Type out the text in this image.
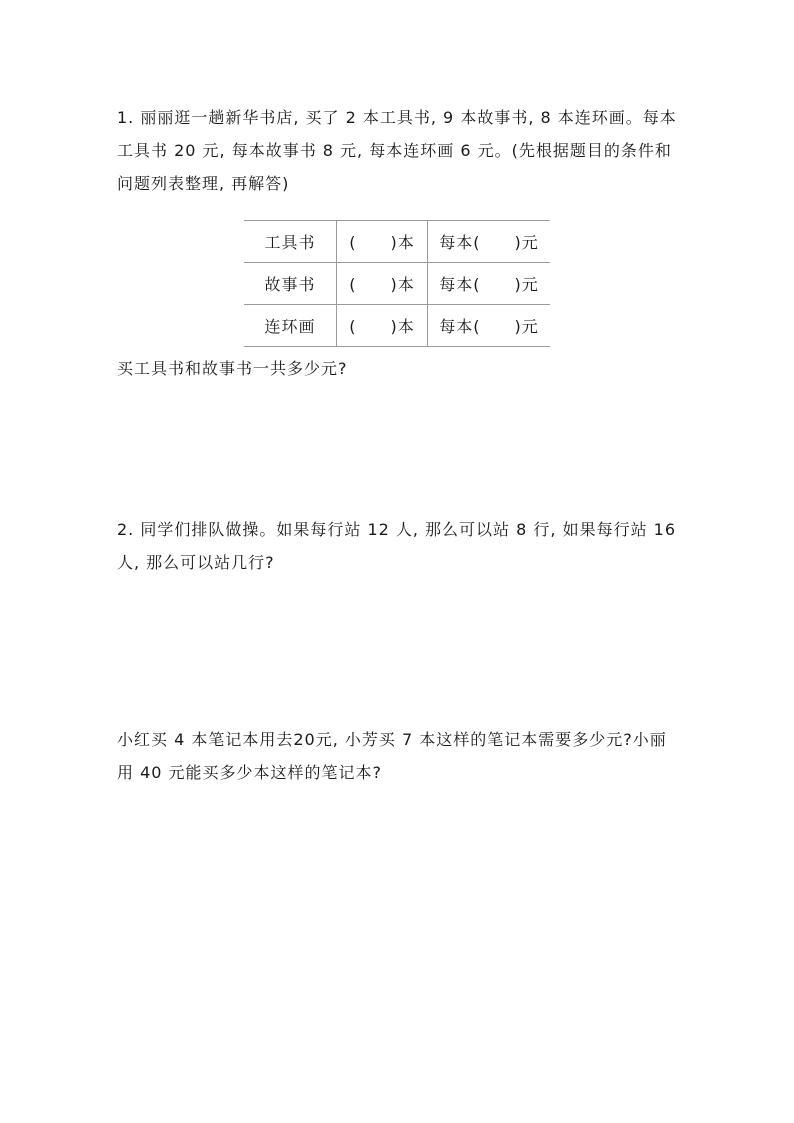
1. 丽丽逛一趟新华书店, 买了 2 本工具书, 9 本故事书, 8 本连环画。每本工具书 20 元, 每本故事书 8 元, 每本连环画 6 元。(先根据题目的条件和问题列表整理, 再解答)

工具书	( )本	每本( )元
故事书	( )本	每本( )元
连环画	( )本	每本( )元

买工具书和故事书一共多少元?

2. 同学们排队做操。如果每行站 12 人, 那么可以站 8 行, 如果每行站 16 人, 那么可以站几行?

小红买 4 本笔记本用去20元, 小芳买 7 本这样的笔记本需要多少元?小丽用 40 元能买多少本这样的笔记本?
